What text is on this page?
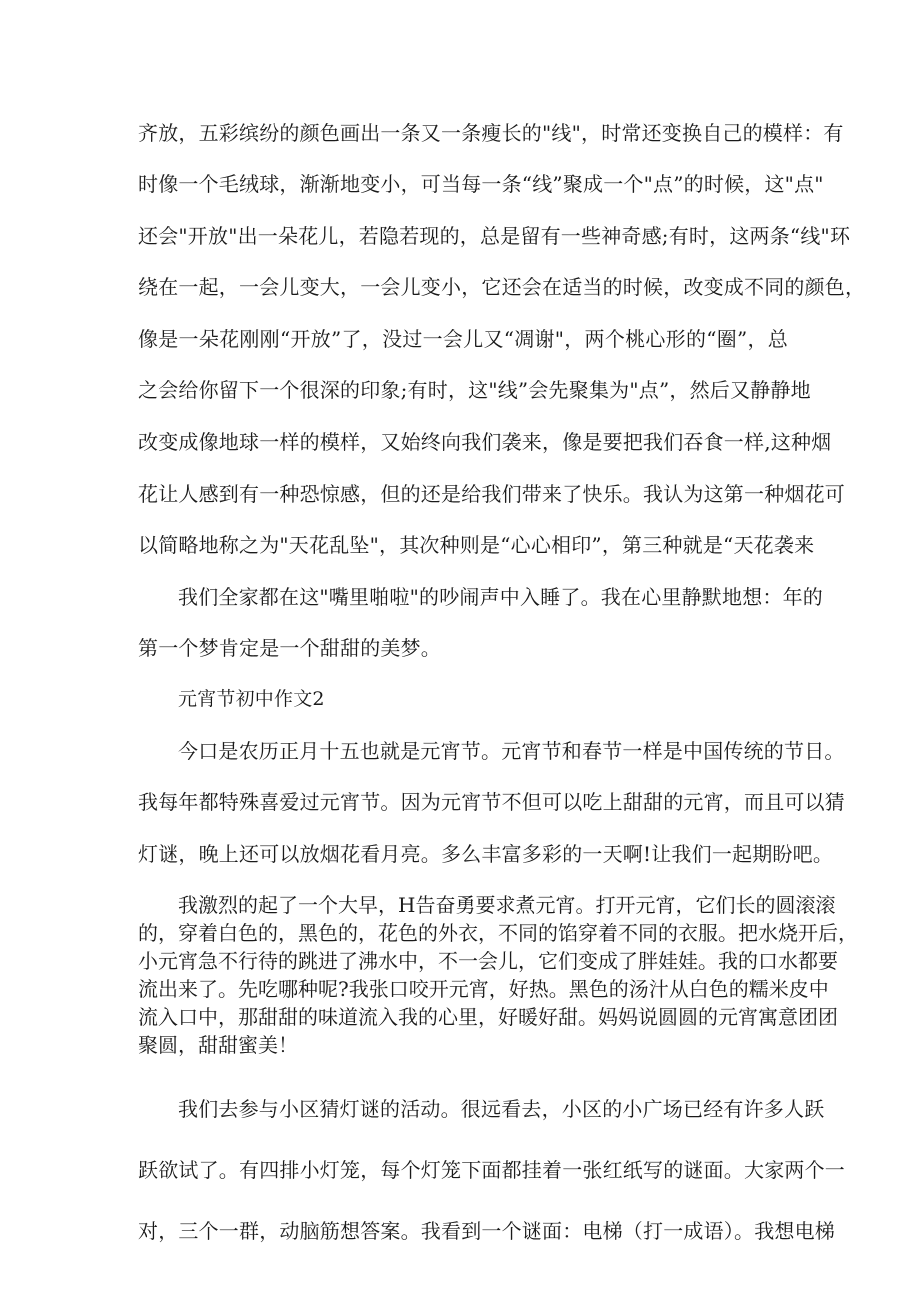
齐放，五彩缤纷的颜色画出一条又一条瘦长的"线"，时常还变换自己的模样：有
时像一个毛绒球，渐渐地变小，可当每一条“线”聚成一个"点”的时候，这"点"
还会"开放"出一朵花儿，若隐若现的，总是留有一些神奇感;有时，这两条“线"环
绕在一起，一会儿变大，一会儿变小，它还会在适当的时候，改变成不同的颜色，
像是一朵花刚刚“开放”了，没过一会儿又“凋谢"，两个桃心形的“圈”，总
之会给你留下一个很深的印象;有时，这"线”会先聚集为"点”，然后又静静地
改变成像地球一样的模样，又始终向我们袭来，像是要把我们吞食一样,这种烟
花让人感到有一种恐惊感，但的还是给我们带来了快乐。我认为这第一种烟花可
以简略地称之为"天花乱坠"，其次种则是“心心相印”，第三种就是“天花袭来
我们全家都在这"嘴里啪啦"的吵闹声中入睡了。我在心里静默地想：年的
第一个梦肯定是一个甜甜的美梦。
元宵节初中作文2
今口是农历正月十五也就是元宵节。元宵节和春节一样是中国传统的节日。
我每年都特殊喜爱过元宵节。因为元宵节不但可以吃上甜甜的元宵，而且可以猜
灯谜，晚上还可以放烟花看月亮。多么丰富多彩的一天啊!让我们一起期盼吧。
我激烈的起了一个大早，H告奋勇要求煮元宵。打开元宵，它们长的圆滚滚
的，穿着白色的，黑色的，花色的外衣，不同的馅穿着不同的衣服。把水烧开后，
小元宵急不行待的跳进了沸水中，不一会儿，它们变成了胖娃娃。我的口水都要
流出来了。先吃哪种呢?我张口咬开元宵，好热。黑色的汤汁从白色的糯米皮中
流入口中，那甜甜的味道流入我的心里，好暖好甜。妈妈说圆圆的元宵寓意团团
聚圆，甜甜蜜美！
我们去参与小区猜灯谜的活动。很远看去，小区的小广场已经有许多人跃
跃欲试了。有四排小灯笼，每个灯笼下面都挂着一张红纸写的谜面。大家两个一
对，三个一群，动脑筋想答案。我看到一个谜面：电梯（打一成语）。我想电梯
